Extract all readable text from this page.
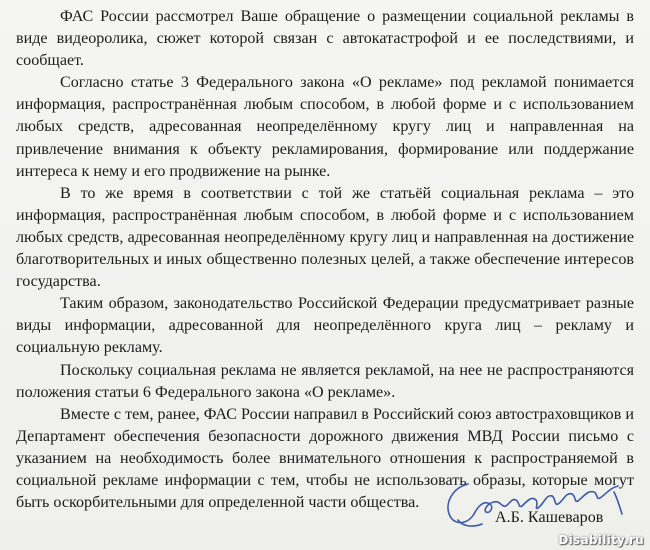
ФАС России рассмотрел Ваше обращение о размещении социальной рекламы в виде видеоролика, сюжет которой связан с автокатастрофой и ее последствиями, и сообщает.

Согласно статье 3 Федерального закона «О рекламе» под рекламой понимается информация, распространённая любым способом, в любой форме и с использованием любых средств, адресованная неопределённому кругу лиц и направленная на привлечение внимания к объекту рекламирования, формирование или поддержание интереса к нему и его продвижение на рынке.

В то же время в соответствии с той же статьёй социальная реклама – это информация, распространённая любым способом, в любой форме и с использованием любых средств, адресованная неопределённому кругу лиц и направленная на достижение благотворительных и иных общественно полезных целей, а также обеспечение интересов государства.

Таким образом, законодательство Российской Федерации предусматривает разные виды информации, адресованной для неопределённого круга лиц – рекламу и социальную рекламу.

Поскольку социальная реклама не является рекламой, на нее не распространяются положения статьи 6 Федерального закона «О рекламе».

Вместе с тем, ранее, ФАС России направил в Российский союз автостраховщиков и Департамент обеспечения безопасности дорожного движения МВД России письмо с указанием на необходимость более внимательного отношения к распространяемой в социальной рекламе информации с тем, чтобы не использовать образы, которые могут быть оскорбительными для определенной части общества.

А.Б. Кашеваров
Disability.ru
